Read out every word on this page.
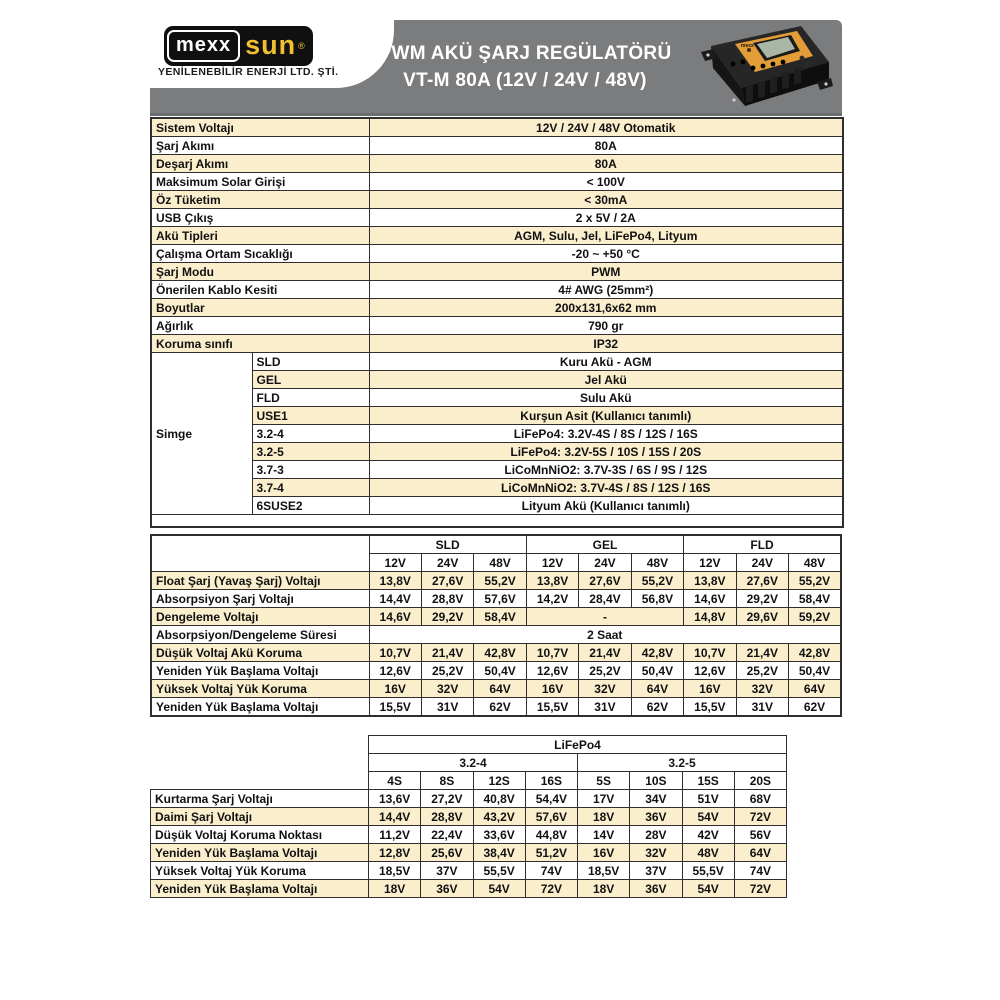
mexx sun ®
YENİLENEBİLİR ENERJİ LTD. ŞTİ.
PWM AKÜ ŞARJ REGÜLATÖRÜ
VT-M 80A (12V / 24V / 48V)
mexx
Sistem Voltajı		12V / 24V / 48V Otomatik
Şarj Akımı		80A
Deşarj Akımı		80A
Maksimum Solar Girişi		< 100V
Öz Tüketim		< 30mA
USB Çıkış		2 x 5V / 2A
Akü Tipleri		AGM, Sulu, Jel, LiFePo4, Lityum
Çalışma Ortam Sıcaklığı		-20 ~ +50 °C
Şarj Modu		PWM
Önerilen Kablo Kesiti		4# AWG (25mm²)
Boyutlar		200x131,6x62 mm
Ağırlık		790 gr
Koruma sınıfı		IP32
Simge	SLD	Kuru Akü - AGM
	GEL	Jel Akü
	FLD	Sulu Akü
	USE1	Kurşun Asit (Kullanıcı tanımlı)
	3.2-4	LiFePo4: 3.2V-4S / 8S / 12S / 16S
	3.2-5	LiFePo4: 3.2V-5S / 10S / 15S / 20S
	3.7-3	LiCoMnNiO2: 3.7V-3S / 6S / 9S / 12S
	3.7-4	LiCoMnNiO2: 3.7V-4S / 8S / 12S / 16S
	6SUSE2	Lityum Akü (Kullanıcı tanımlı)

	SLD			GEL			FLD		
	12V	24V	48V	12V	24V	48V	12V	24V	48V
Float Şarj (Yavaş Şarj) Voltajı	13,8V	27,6V	55,2V	13,8V	27,6V	55,2V	13,8V	27,6V	55,2V
Absorpsiyon Şarj Voltajı	14,4V	28,8V	57,6V	14,2V	28,4V	56,8V	14,6V	29,2V	58,4V
Dengeleme Voltajı	14,6V	29,2V	58,4V	-			14,8V	29,6V	59,2V
Absorpsiyon/Dengeleme Süresi	2 Saat								
Düşük Voltaj Akü Koruma	10,7V	21,4V	42,8V	10,7V	21,4V	42,8V	10,7V	21,4V	42,8V
Yeniden Yük Başlama Voltajı	12,6V	25,2V	50,4V	12,6V	25,2V	50,4V	12,6V	25,2V	50,4V
Yüksek Voltaj Yük Koruma	16V	32V	64V	16V	32V	64V	16V	32V	64V
Yeniden Yük Başlama Voltajı	15,5V	31V	62V	15,5V	31V	62V	15,5V	31V	62V
	LiFePo4							
	3.2-4				3.2-5			
	4S	8S	12S	16S	5S	10S	15S	20S
Kurtarma Şarj Voltajı	13,6V	27,2V	40,8V	54,4V	17V	34V	51V	68V
Daimi Şarj Voltajı	14,4V	28,8V	43,2V	57,6V	18V	36V	54V	72V
Düşük Voltaj Koruma Noktası	11,2V	22,4V	33,6V	44,8V	14V	28V	42V	56V
Yeniden Yük Başlama Voltajı	12,8V	25,6V	38,4V	51,2V	16V	32V	48V	64V
Yüksek Voltaj Yük Koruma	18,5V	37V	55,5V	74V	18,5V	37V	55,5V	74V
Yeniden Yük Başlama Voltajı	18V	36V	54V	72V	18V	36V	54V	72V
